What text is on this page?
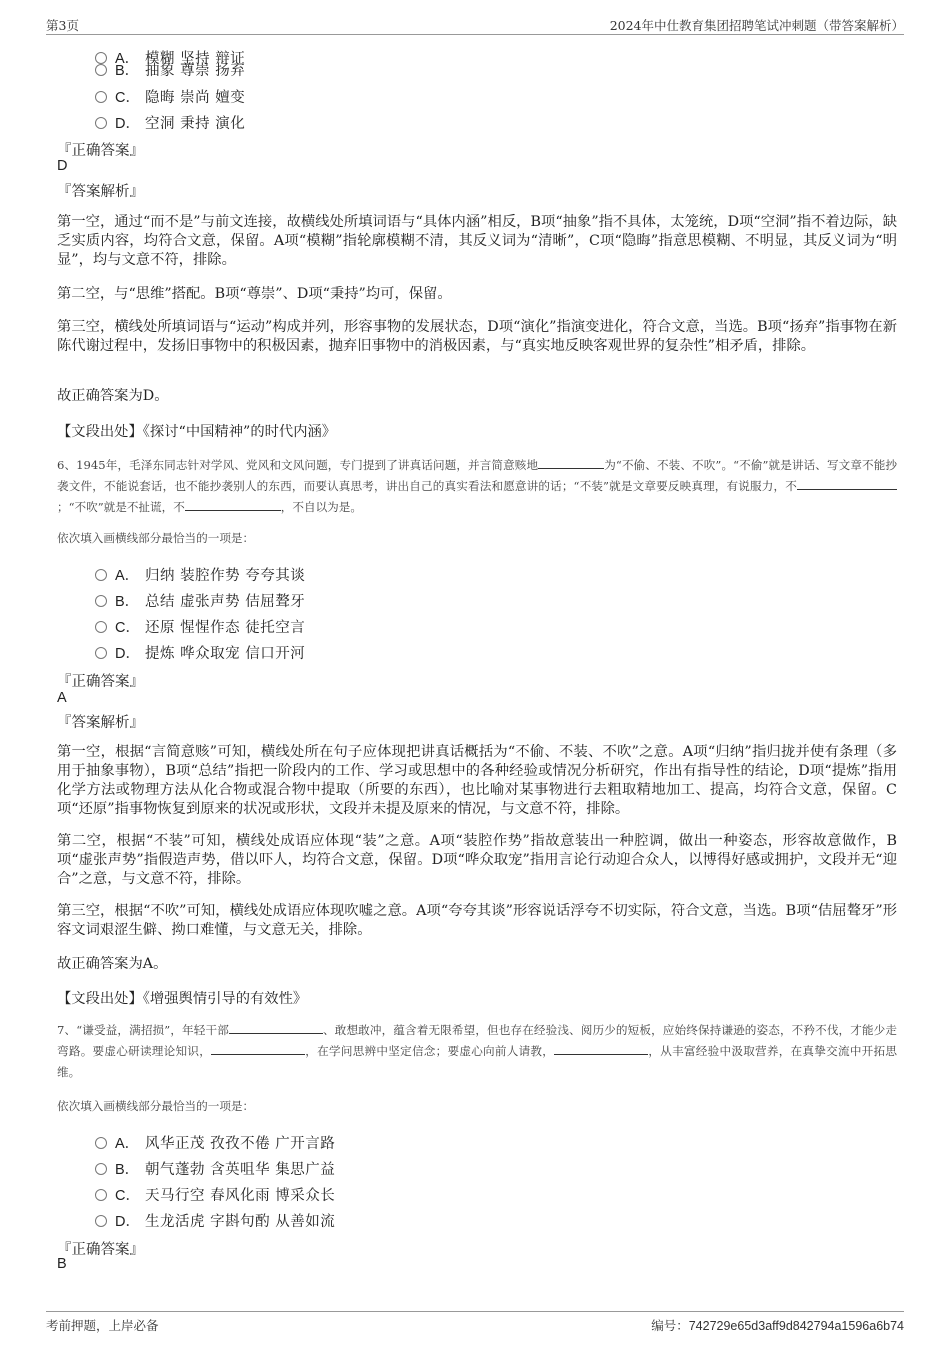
第3页	2024年中仕教育集团招聘笔试冲刺题（带答案解析）
A． 模糊 坚持 辩证
B． 抽象 尊崇 扬弃
C． 隐晦 崇尚 嬗变
D． 空洞 秉持 演化
『正确答案』
D
『答案解析』
第一空，通过“而不是”与前文连接，故横线处所填词语与“具体内涵”相反，B项“抽象”指不具体，太笼统，D项“空洞”指不着边际，缺乏实质内容，均符合文意，保留。A项“模糊”指轮廓模糊不清，其反义词为“清晰”，C项“隐晦”指意思模糊、不明显，其反义词为“明显”，均与文意不符，排除。
第二空，与“思维”搭配。B项“尊崇”、D项“秉持”均可，保留。
第三空，横线处所填词语与“运动”构成并列，形容事物的发展状态，D项“演化”指演变进化，符合文意，当选。B项“扬弃”指事物在新陈代谢过程中，发扬旧事物中的积极因素，抛弃旧事物中的消极因素，与“真实地反映客观世界的复杂性”相矛盾，排除。
故正确答案为D。
【文段出处】《探讨“中国精神”的时代内涵》
6、1945年，毛泽东同志针对学风、党风和文风问题，专门提到了讲真话问题，并言简意赅地	为“不偷、不装、不吹”。“不偷”就是讲话、写文章不能抄袭文件，不能说套话，也不能抄袭别人的东西，而要认真思考，讲出自己的真实看法和愿意讲的话；“不装”就是文章要反映真理，有说服力，不；“不吹”就是不扯谎，不	，不自以为是。
依次填入画横线部分最恰当的一项是：
A． 归纳 装腔作势 夸夸其谈
B． 总结 虚张声势 佶屈聱牙
C． 还原 惺惺作态 徒托空言
D． 提炼 哗众取宠 信口开河
『正确答案』
A
『答案解析』
第一空，根据“言简意赅”可知，横线处所在句子应体现把讲真话概括为“不偷、不装、不吹”之意。A项“归纳”指归拢并使有条理（多用于抽象事物），B项“总结”指把一阶段内的工作、学习或思想中的各种经验或情况分析研究，作出有指导性的结论，D项“提炼”指用化学方法或物理方法从化合物或混合物中提取（所要的东西），也比喻对某事物进行去粗取精地加工、提高，均符合文意，保留。C项“还原”指事物恢复到原来的状况或形状，文段并未提及原来的情况，与文意不符，排除。
第二空，根据“不装”可知，横线处成语应体现“装”之意。A项“装腔作势”指故意装出一种腔调，做出一种姿态，形容故意做作，B项“虚张声势”指假造声势，借以吓人，均符合文意，保留。D项“哗众取宠”指用言论行动迎合众人，以博得好感或拥护，文段并无“迎合”之意，与文意不符，排除。
第三空，根据“不吹”可知，横线处成语应体现吹嘘之意。A项“夸夸其谈”形容说话浮夸不切实际，符合文意，当选。B项“佶屈聱牙”形容文词艰涩生僻、拗口难懂，与文意无关，排除。
故正确答案为A。
【文段出处】《增强舆情引导的有效性》
7、“谦受益，满招损”，年轻干部	、敢想敢冲，蕴含着无限希望，但也存在经验浅、阅历少的短板，应始终保持谦逊的姿态，不矜不伐，才能少走弯路。要虚心研读理论知识，	，在学问思辨中坚定信念；要虚心向前人请教，	，从丰富经验中汲取营养，在真挚交流中开拓思维。
依次填入画横线部分最恰当的一项是：
A． 风华正茂 孜孜不倦 广开言路
B． 朝气蓬勃 含英咀华 集思广益
C． 天马行空 春风化雨 博采众长
D． 生龙活虎 字斟句酌 从善如流
『正确答案』
B
考前押题，上岸必备	编号：742729e65d3aff9d842794a1596a6b74
